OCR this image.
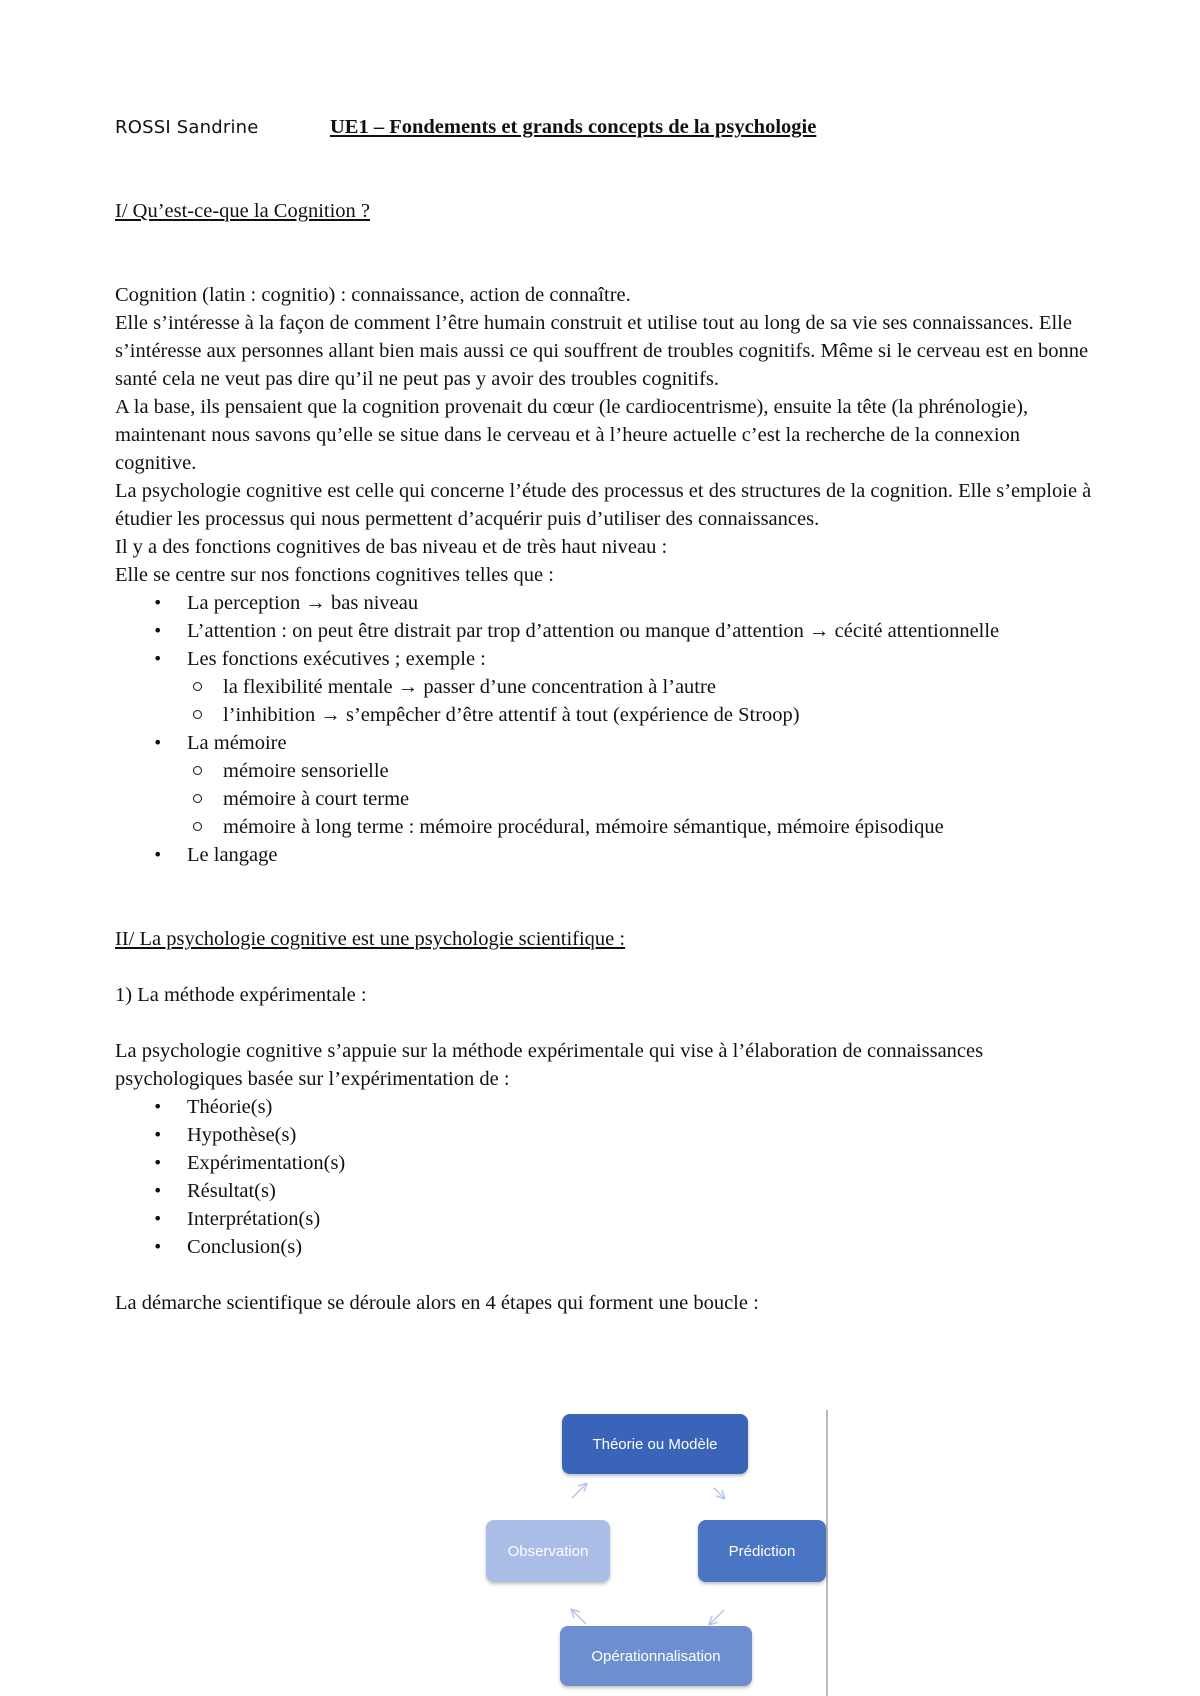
ROSSI Sandrine	UE1 – Fondements et grands concepts de la psychologie
I/ Qu’est-ce-que la Cognition ?

Cognition (latin : cognitio) : connaissance, action de connaître.

Elle s’intéresse à la façon de comment l’être humain construit et utilise tout au long de sa vie ses connaissances. Elle s’intéresse aux personnes allant bien mais aussi ce qui souffrent de troubles cognitifs. Même si le cerveau est en bonne santé cela ne veut pas dire qu’il ne peut pas y avoir des troubles cognitifs.

A la base, ils pensaient que la cognition provenait du cœur (le cardiocentrisme), ensuite la tête (la phrénologie), maintenant nous savons qu’elle se situe dans le cerveau et à l’heure actuelle c’est la recherche de la connexion cognitive.

La psychologie cognitive est celle qui concerne l’étude des processus et des structures de la cognition. Elle s’emploie à étudier les processus qui nous permettent d’acquérir puis d’utiliser des connaissances.

Il y a des fonctions cognitives de bas niveau et de très haut niveau :

Elle se centre sur nos fonctions cognitives telles que :

• La perception → bas niveau
• L’attention : on peut être distrait par trop d’attention ou manque d’attention → cécité attentionnelle
• Les fonctions exécutives ; exemple :
la flexibilité mentale → passer d’une concentration à l’autre
l’inhibition → s’empêcher d’être attentif à tout (expérience de Stroop)
• La mémoire
mémoire sensorielle
mémoire à court terme
mémoire à long terme : mémoire procédural, mémoire sémantique, mémoire épisodique
• Le langage
II/ La psychologie cognitive est une psychologie scientifique :

1) La méthode expérimentale :

La psychologie cognitive s’appuie sur la méthode expérimentale qui vise à l’élaboration de connaissances psychologiques basée sur l’expérimentation de :

• Théorie(s)
• Hypothèse(s)
• Expérimentation(s)
• Résultat(s)
• Interprétation(s)
• Conclusion(s)

La démarche scientifique se déroule alors en 4 étapes qui forment une boucle :

Théorie ou Modèle
Prédiction
Opérationnalisation
Observation
